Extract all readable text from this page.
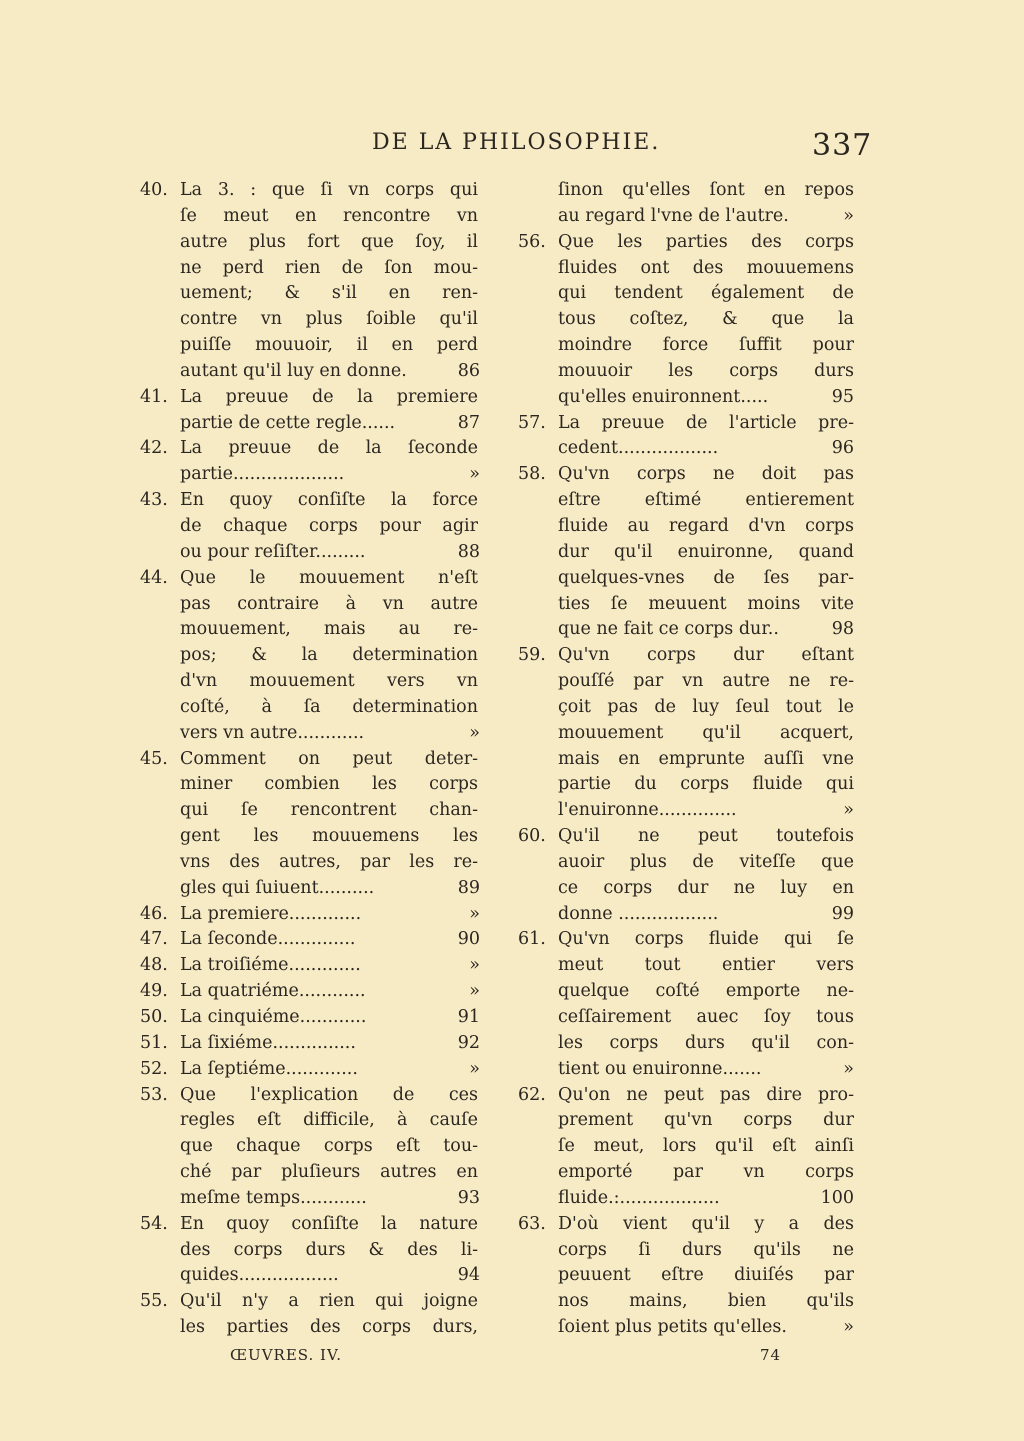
DE LA PHILOSOPHIE.	337
40. La 3. : que ſi vn corps qui
ſe meut en rencontre vn
autre plus fort que ſoy, il
ne perd rien de ſon mou-
uement; & s'il en ren-
contre vn plus ſoible qu'il
puiſſe mouuoir, il en perd
autant qu'il luy en donne.	86
41. La preuue de la premiere
partie de cette regle......	87
42. La preuue de la ſeconde
partie....................	»
43. En quoy conſiſte la force
de chaque corps pour agir
ou pour reſiſter.........	88
44. Que le mouuement n'eſt
pas contraire à vn autre
mouuement, mais au re-
pos; & la determination
d'vn mouuement vers vn
coſté, à ſa determination
vers vn autre............	»
45. Comment on peut deter-
miner combien les corps
qui ſe rencontrent chan-
gent les mouuemens les
vns des autres, par les re-
gles qui ſuiuent..........	89
46. La premiere.............	»
47. La ſeconde..............	90
48. La troiſiéme.............	»
49. La quatriéme............	»
50. La cinquiéme............	91
51. La ſixiéme...............	92
52. La ſeptiéme.............	»
53. Que l'explication de ces
regles eſt difficile, à cauſe
que chaque corps eſt tou-
ché par pluſieurs autres en
meſme temps............	93
54. En quoy conſiſte la nature
des corps durs & des li-
quides..................	94
55. Qu'il n'y a rien qui joigne
les parties des corps durs,
ſinon qu'elles ſont en repos
au regard l'vne de l'autre.	»
56. Que les parties des corps
fluides ont des mouuemens
qui tendent également de
tous coſtez, & que la
moindre force ſuffit pour
mouuoir les corps durs
qu'elles enuironnent.....	95
57. La preuue de l'article pre-
cedent..................	96
58. Qu'vn corps ne doit pas
eſtre eſtimé entierement
fluide au regard d'vn corps
dur qu'il enuironne, quand
quelques-vnes de ſes par-
ties ſe meuuent moins vite
que ne fait ce corps dur..	98
59. Qu'vn corps dur eſtant
pouſſé par vn autre ne re-
çoit pas de luy ſeul tout le
mouuement qu'il acquert,
mais en emprunte auſſi vne
partie du corps fluide qui
l'enuironne..............	»
60. Qu'il ne peut toutefois
auoir plus de viteſſe que
ce corps dur ne luy en
donne ..................	99
61. Qu'vn corps fluide qui ſe
meut tout entier vers
quelque coſté emporte ne-
ceſſairement auec ſoy tous
les corps durs qu'il con-
tient ou enuironne.......	»
62. Qu'on ne peut pas dire pro-
prement qu'vn corps dur
ſe meut, lors qu'il eſt ainſi
emporté par vn corps
fluide.:..................	100
63. D'où vient qu'il y a des
corps ſi durs qu'ils ne
peuuent eſtre diuiſés par
nos mains, bien qu'ils
ſoient plus petits qu'elles.	»
ŒUVRES. IV.	74
